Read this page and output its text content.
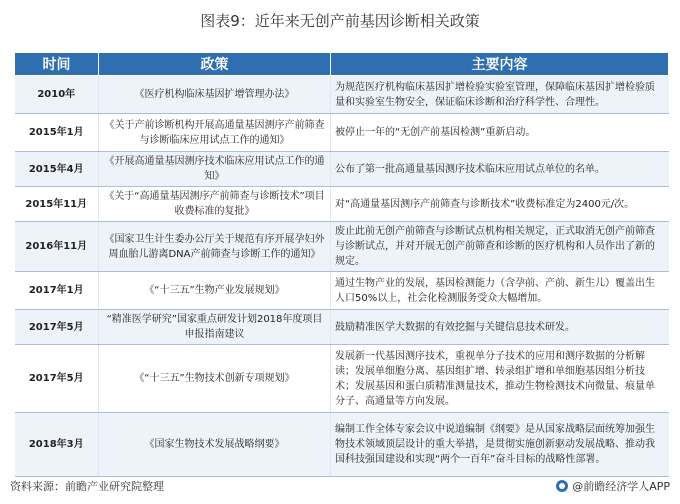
图表9：近年来无创产前基因诊断相关政策
时间	政策	主要内容
2010年	《医疗机构临床基因扩增管理办法》	为规范医疗机构临床基因扩增检验实验室管理，保障临床基因扩增检验质量和实验室生物安全，保证临床诊断和治疗科学性、合理性。
2015年1月	《关于产前诊断机构开展高通量基因测序产前筛查与诊断临床应用试点工作的通知》	被停止一年的“无创产前基因检测”重新启动。
2015年4月	《开展高通量基因测序技术临床应用试点工作的通知》	公布了第一批高通量基因测序技术临床应用试点单位的名单。
2015年11月	《关于“高通量基因测序产前筛查与诊断技术”项目收费标准的复批》	对“高通量基因测序产前筛查与诊断技术”收费标准定为2400元/次。
2016年11月	《国家卫生计生委办公厅关于规范有序开展孕妇外周血胎儿游离DNA产前筛查与诊断工作的通知》	废止此前无创产前筛查与诊断试点机构相关规定，正式取消无创产前筛查与诊断试点，并对开展无创产前筛查和诊断的医疗机构和人员作出了新的规定。
2017年1月	《“十三五”生物产业发展规划》	通过生物产业的发展，基因检测能力（含孕前、产前、新生儿）覆盖出生人口50%以上，社会化检测服务受众大幅增加。
2017年5月	“精准医学研究”国家重点研发计划2018年度项目申报指南建议	鼓励精准医学大数据的有效挖掘与关键信息技术研发。
2017年5月	《“十三五”生物技术创新专项规划》	发展新一代基因测序技术，重视单分子技术的应用和测序数据的分析解读；发展单细胞分离、基因组扩增、转录组扩增和单细胞基因组分析技术；发展基因和蛋白质精准测量技术，推动生物检测技术向微量、痕量单分子、高通量等方向发展。
2018年3月	《国家生物技术发展战略纲要》	编制工作全体专家会议中说道编制《纲要》是从国家战略层面统筹加强生物技术领域顶层设计的重大举措，是贯彻实施创新驱动发展战略、推动我国科技强国建设和实现“两个一百年”奋斗目标的战略性部署。
资料来源：前瞻产业研究院整理	@前瞻经济学人APP
